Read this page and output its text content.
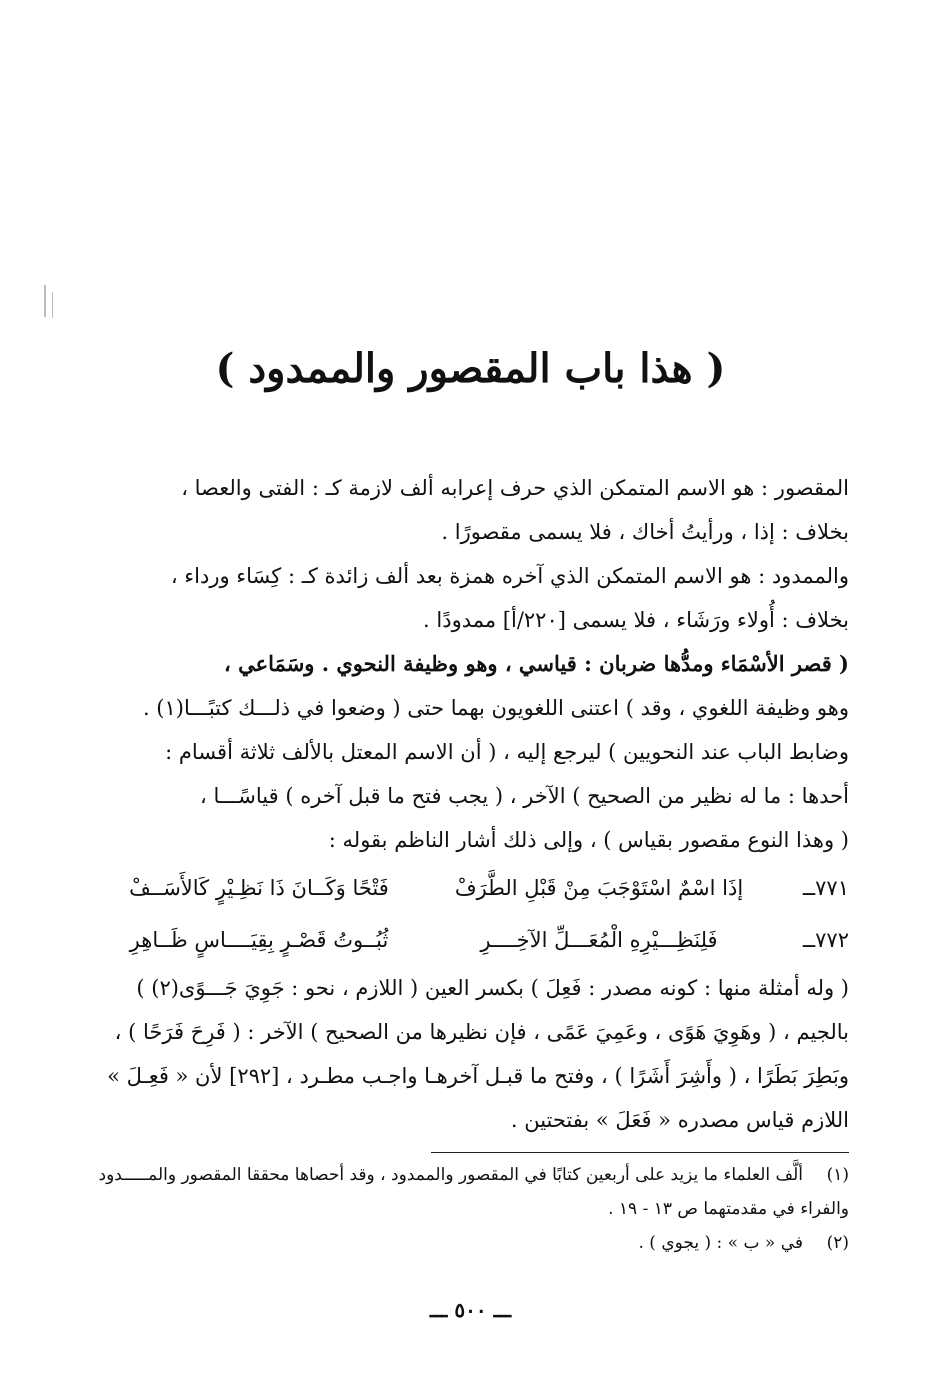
( هذا باب المقصور والممدود )
المقصور : هو الاسم المتمكن الذي حرف إعرابه ألف لازمة كـ : الفتى والعصا ،
بخلاف : إذا ، ورأيتُ أخاك ، فلا يسمى مقصورًا .
والممدود : هو الاسم المتمكن الذي آخره همزة بعد ألف زائدة كـ : كِسَاء ورداء ،
بخلاف : أُولاء ورَشَاء ، فلا يسمى [٢٢٠/أ] ممدودًا .
( قصر الأسْمَاء ومدُّها ضربان : قياسي ، وهو وظيفة النحوي . وسَمَاعي ،
وهو وظيفة اللغوي ، وقد ) اعتنى اللغويون بهما حتى ( وضعوا في ذلـــك كتبًـــا(١) .
وضابط الباب عند النحويين ) ليرجع إليه ، ( أن الاسم المعتل بالألف ثلاثة أقسام :
أحدها : ما له نظير من الصحيح ) الآخر ، ( يجب فتح ما قبل آخره ) قياسًـــا ،
( وهذا النوع مقصور بقياس ) ، وإلى ذلك أشار الناظم بقوله :
٧٧١ــ
إذَا اسْمٌ اسْتَوْجَبَ مِنْ قَبْلِ الطَّرَفْ
فَتْحًا وَكَــانَ ذَا نَظِـيْرٍ كَالأَسَــفْ
٧٧٢ــ
فَلِنَظِـــيْرِهِ الْمُعَـــلِّ الآخِــــرِ
ثُبُــوتُ قَصْـرٍ بِقِيَــــاسٍ ظَــاهِرِ
( وله أمثلة منها : كونه مصدر : فَعِلَ ) بكسر العين ( اللازم ، نحو : جَوِيَ جَـــوًى(٢) )
بالجيم ، ( وهَوِيَ هَوًى ، وعَمِيَ عَمًى ، فإن نظيرها من الصحيح ) الآخر : ( فَرِحَ فَرَحًا ) ،
وبَطِرَ بَطَرًا ، ( وأَشِرَ أَشَرًا ) ، وفتح ما قبـل آخرهـا واجـب مطـرد ، [٢٩٢] لأن « فَعِـلَ »
اللازم قياس مصدره « فَعَلَ » بفتحتين .
(١)ألَّف العلماء ما يزيد على أربعين كتابًا في المقصور والممدود ، وقد أحصاها محققا المقصور والمـــــدود
والفراء في مقدمتهما ص ١٣ - ١٩ .
(٢)في « ب » : ( يجوي ) .
ـــ ٥٠٠ ـــ
